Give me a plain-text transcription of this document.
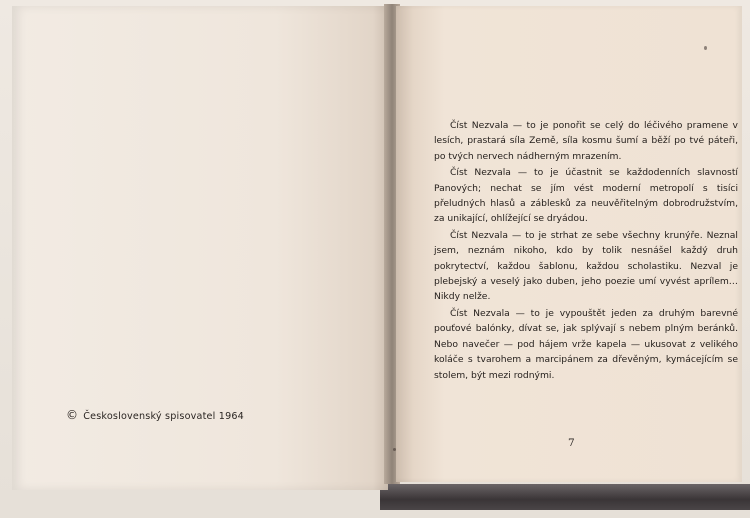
© Československý spisovatel 1964

Číst Nezvala — to je ponořit se celý do léčivého pramene v lesích, prastará síla Země, síla kosmu šumí a běží po tvé páteři, po tvých nervech nádherným mrazením.

Číst Nezvala — to je účastnit se každodenních slavností Panových; nechat se jím vést moderní metropolí s tisíci přeludných hlasů a záblesků za neuvěřitelným dobrodružstvím, za unikající, ohlížející se dryádou.

Číst Nezvala — to je strhat ze sebe všechny krunýře. Neznal jsem, neznám nikoho, kdo by tolik nesnášel každý druh pokrytectví, každou šablonu, každou scholastiku. Nezval je plebejský a veselý jako duben, jeho poezie umí vyvést aprílem… Nikdy nelže.

Číst Nezvala — to je vypouštět jeden za druhým barevné pouťové balónky, dívat se, jak splývají s nebem plným beránků. Nebo navečer — pod hájem vrže kapela — ukusovat z velikého koláče s tvarohem a marcipánem za dřevěným, kymácejícím se stolem, být mezi rodnými.

7
